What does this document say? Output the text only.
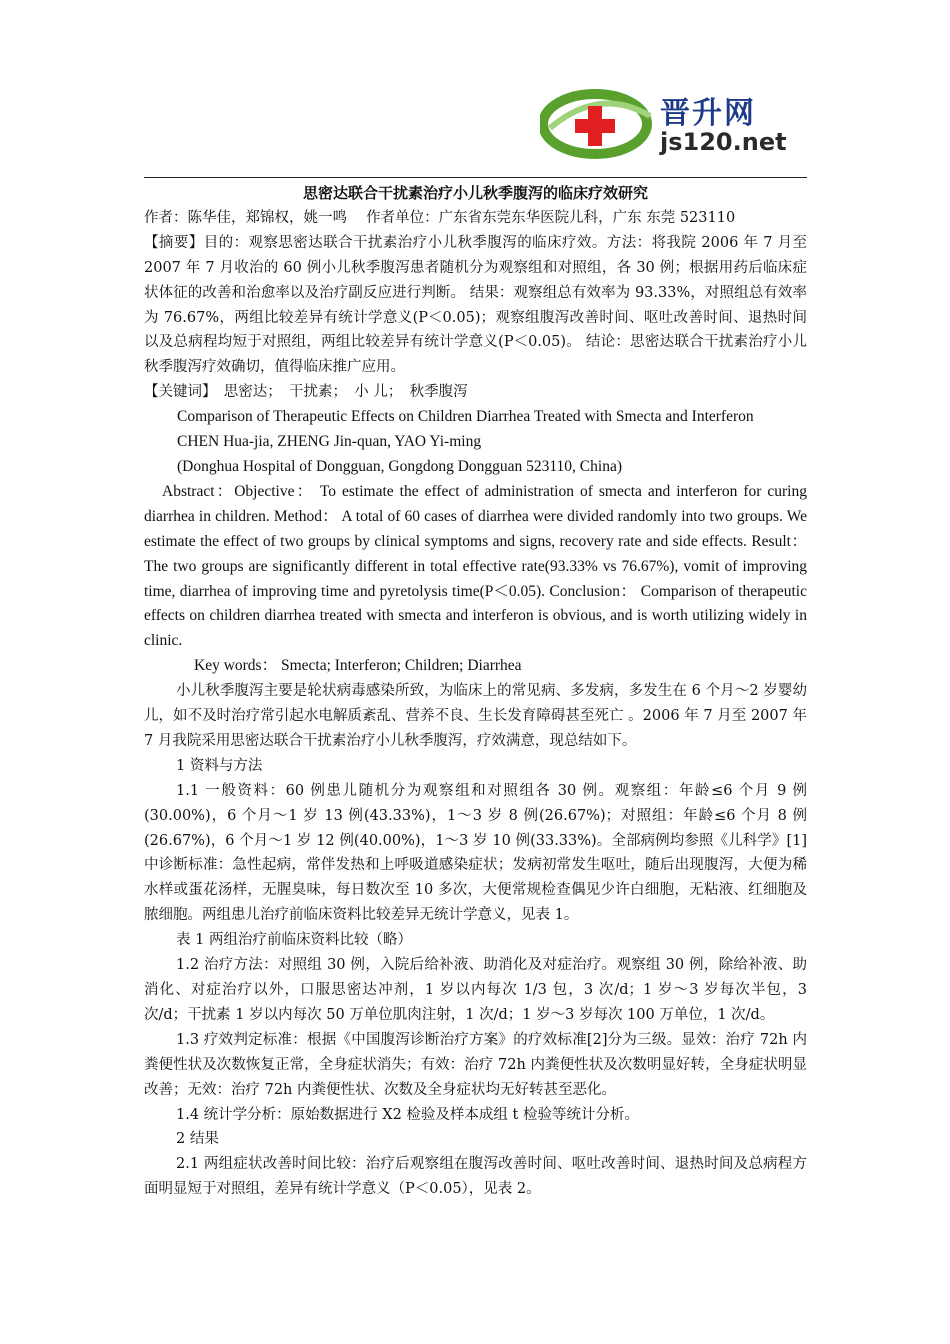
晋升网
js120.net

思密达联合干扰素治疗小儿秋季腹泻的临床疗效研究

作者：陈华佳，郑锦权，姚一鸣　 作者单位：广东省东莞东华医院儿科，广东 东莞 523110

【摘要】目的：观察思密达联合干扰素治疗小儿秋季腹泻的临床疗效。方法：将我院 2006 年 7 月至 2007 年 7 月收治的 60 例小儿秋季腹泻患者随机分为观察组和对照组，各 30 例；根据用药后临床症状体征的改善和治愈率以及治疗副反应进行判断。 结果：观察组总有效率为 93.33%，对照组总有效率为 76.67%，两组比较差异有统计学意义(P＜0.05)；观察组腹泻改善时间、呕吐改善时间、退热时间以及总病程均短于对照组，两组比较差异有统计学意义(P＜0.05)。 结论：思密达联合干扰素治疗小儿秋季腹泻疗效确切，值得临床推广应用。

【关键词】　思密达；　干扰素；　小 儿；　秋季腹泻

Comparison of Therapeutic Effects on Children Diarrhea Treated with Smecta and Interferon

CHEN Hua-jia, ZHENG Jin-quan, YAO Yi-ming

(Donghua Hospital of Dongguan, Gongdong Dongguan 523110, China)

Abstract：Objective： To estimate the effect of administration of smecta and interferon for curing diarrhea in children. Method： A total of 60 cases of diarrhea were divided randomly into two groups. We estimate the effect of two groups by clinical symptoms and signs, recovery rate and side effects. Result： The two groups are significantly different in total effective rate(93.33% vs 76.67%), vomit of improving time, diarrhea of improving time and pyretolysis time(P＜0.05). Conclusion： Comparison of therapeutic effects on children diarrhea treated with smecta and interferon is obvious, and is worth utilizing widely in clinic.

Key words： Smecta; Interferon; Children; Diarrhea

小儿秋季腹泻主要是轮状病毒感染所致，为临床上的常见病、多发病，多发生在 6 个月～2 岁婴幼儿，如不及时治疗常引起水电解质紊乱、营养不良、生长发育障碍甚至死亡 。2006 年 7 月至 2007 年 7 月我院采用思密达联合干扰素治疗小儿秋季腹泻，疗效满意，现总结如下。

1 资料与方法

1.1 一般资料：60 例患儿随机分为观察组和对照组各 30 例。观察组：年龄≤6 个月 9 例(30.00%)，6 个月～1 岁 13 例(43.33%)，1～3 岁 8 例(26.67%)；对照组：年龄≤6 个月 8 例(26.67%)，6 个月～1 岁 12 例(40.00%)，1～3 岁 10 例(33.33%)。全部病例均参照《儿科学》[1]中诊断标准：急性起病，常伴发热和上呼吸道感染症状；发病初常发生呕吐，随后出现腹泻，大便为稀水样或蛋花汤样，无腥臭味，每日数次至 10 多次，大便常规检查偶见少许白细胞，无粘液、红细胞及脓细胞。两组患儿治疗前临床资料比较差异无统计学意义，见表 1。

表 1 两组治疗前临床资料比较（略）

1.2 治疗方法：对照组 30 例，入院后给补液、助消化及对症治疗。观察组 30 例，除给补液、助消化、对症治疗以外，口服思密达冲剂，1 岁以内每次 1/3 包，3 次/d；1 岁～3 岁每次半包，3 次/d；干扰素 1 岁以内每次 50 万单位肌肉注射，1 次/d；1 岁～3 岁每次 100 万单位，1 次/d。

1.3 疗效判定标准：根据《中国腹泻诊断治疗方案》的疗效标准[2]分为三级。显效：治疗 72h 内粪便性状及次数恢复正常，全身症状消失；有效：治疗 72h 内粪便性状及次数明显好转，全身症状明显改善；无效：治疗 72h 内粪便性状、次数及全身症状均无好转甚至恶化。

1.4 统计学分析：原始数据进行 X2 检验及样本成组 t 检验等统计分析。

2 结果

2.1 两组症状改善时间比较：治疗后观察组在腹泻改善时间、呕吐改善时间、退热时间及总病程方面明显短于对照组，差异有统计学意义（P＜0.05），见表 2。
